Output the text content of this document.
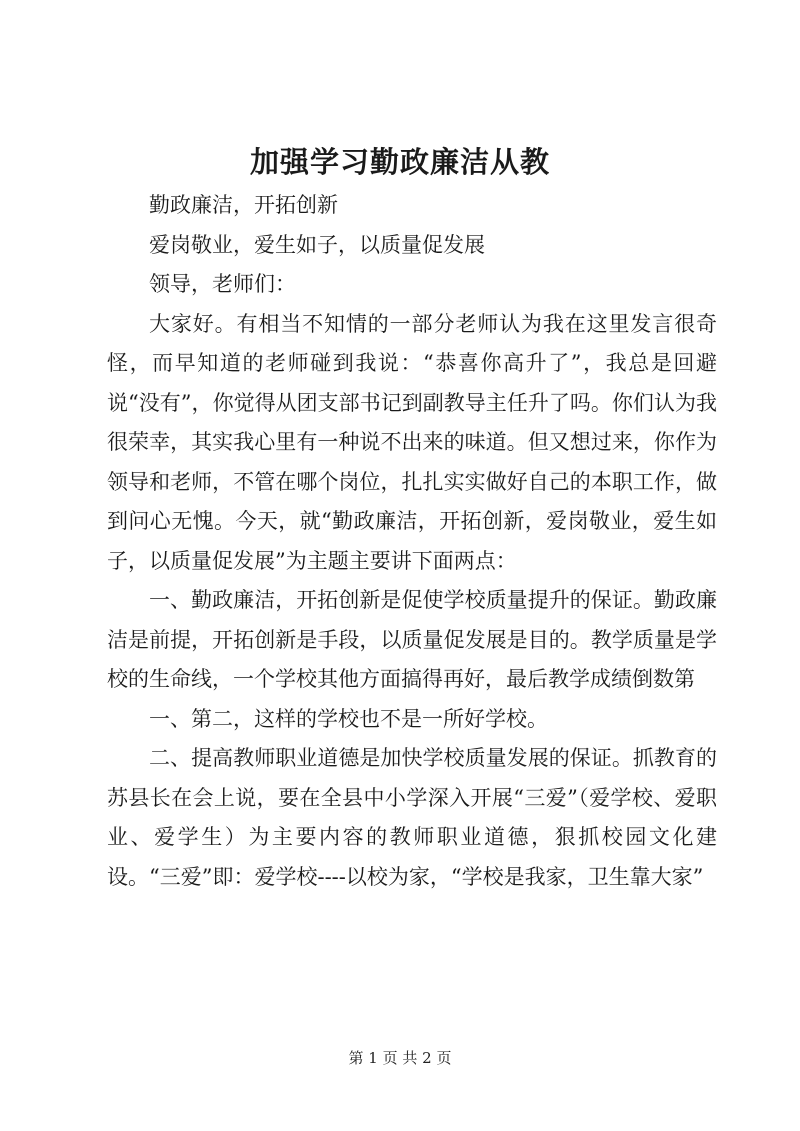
加强学习勤政廉洁从教

勤政廉洁，开拓创新

爱岗敬业，爱生如子，以质量促发展

领导，老师们：

大家好。有相当不知情的一部分老师认为我在这里发言很奇怪，而早知道的老师碰到我说：“恭喜你高升了”，我总是回避说“没有”，你觉得从团支部书记到副教导主任升了吗。你们认为我很荣幸，其实我心里有一种说不出来的味道。但又想过来，你作为领导和老师，不管在哪个岗位，扎扎实实做好自己的本职工作，做到问心无愧。今天，就“勤政廉洁，开拓创新，爱岗敬业，爱生如子，以质量促发展”为主题主要讲下面两点：

一、勤政廉洁，开拓创新是促使学校质量提升的保证。勤政廉洁是前提，开拓创新是手段，以质量促发展是目的。教学质量是学校的生命线，一个学校其他方面搞得再好，最后教学成绩倒数第

一、第二，这样的学校也不是一所好学校。

二、提高教师职业道德是加快学校质量发展的保证。抓教育的苏县长在会上说，要在全县中小学深入开展“三爱”（爱学校、爱职业、爱学生）为主要内容的教师职业道德，狠抓校园文化建设。“三爱”即：爱学校----以校为家，“学校是我家，卫生靠大家”

第 1 页 共 2 页
